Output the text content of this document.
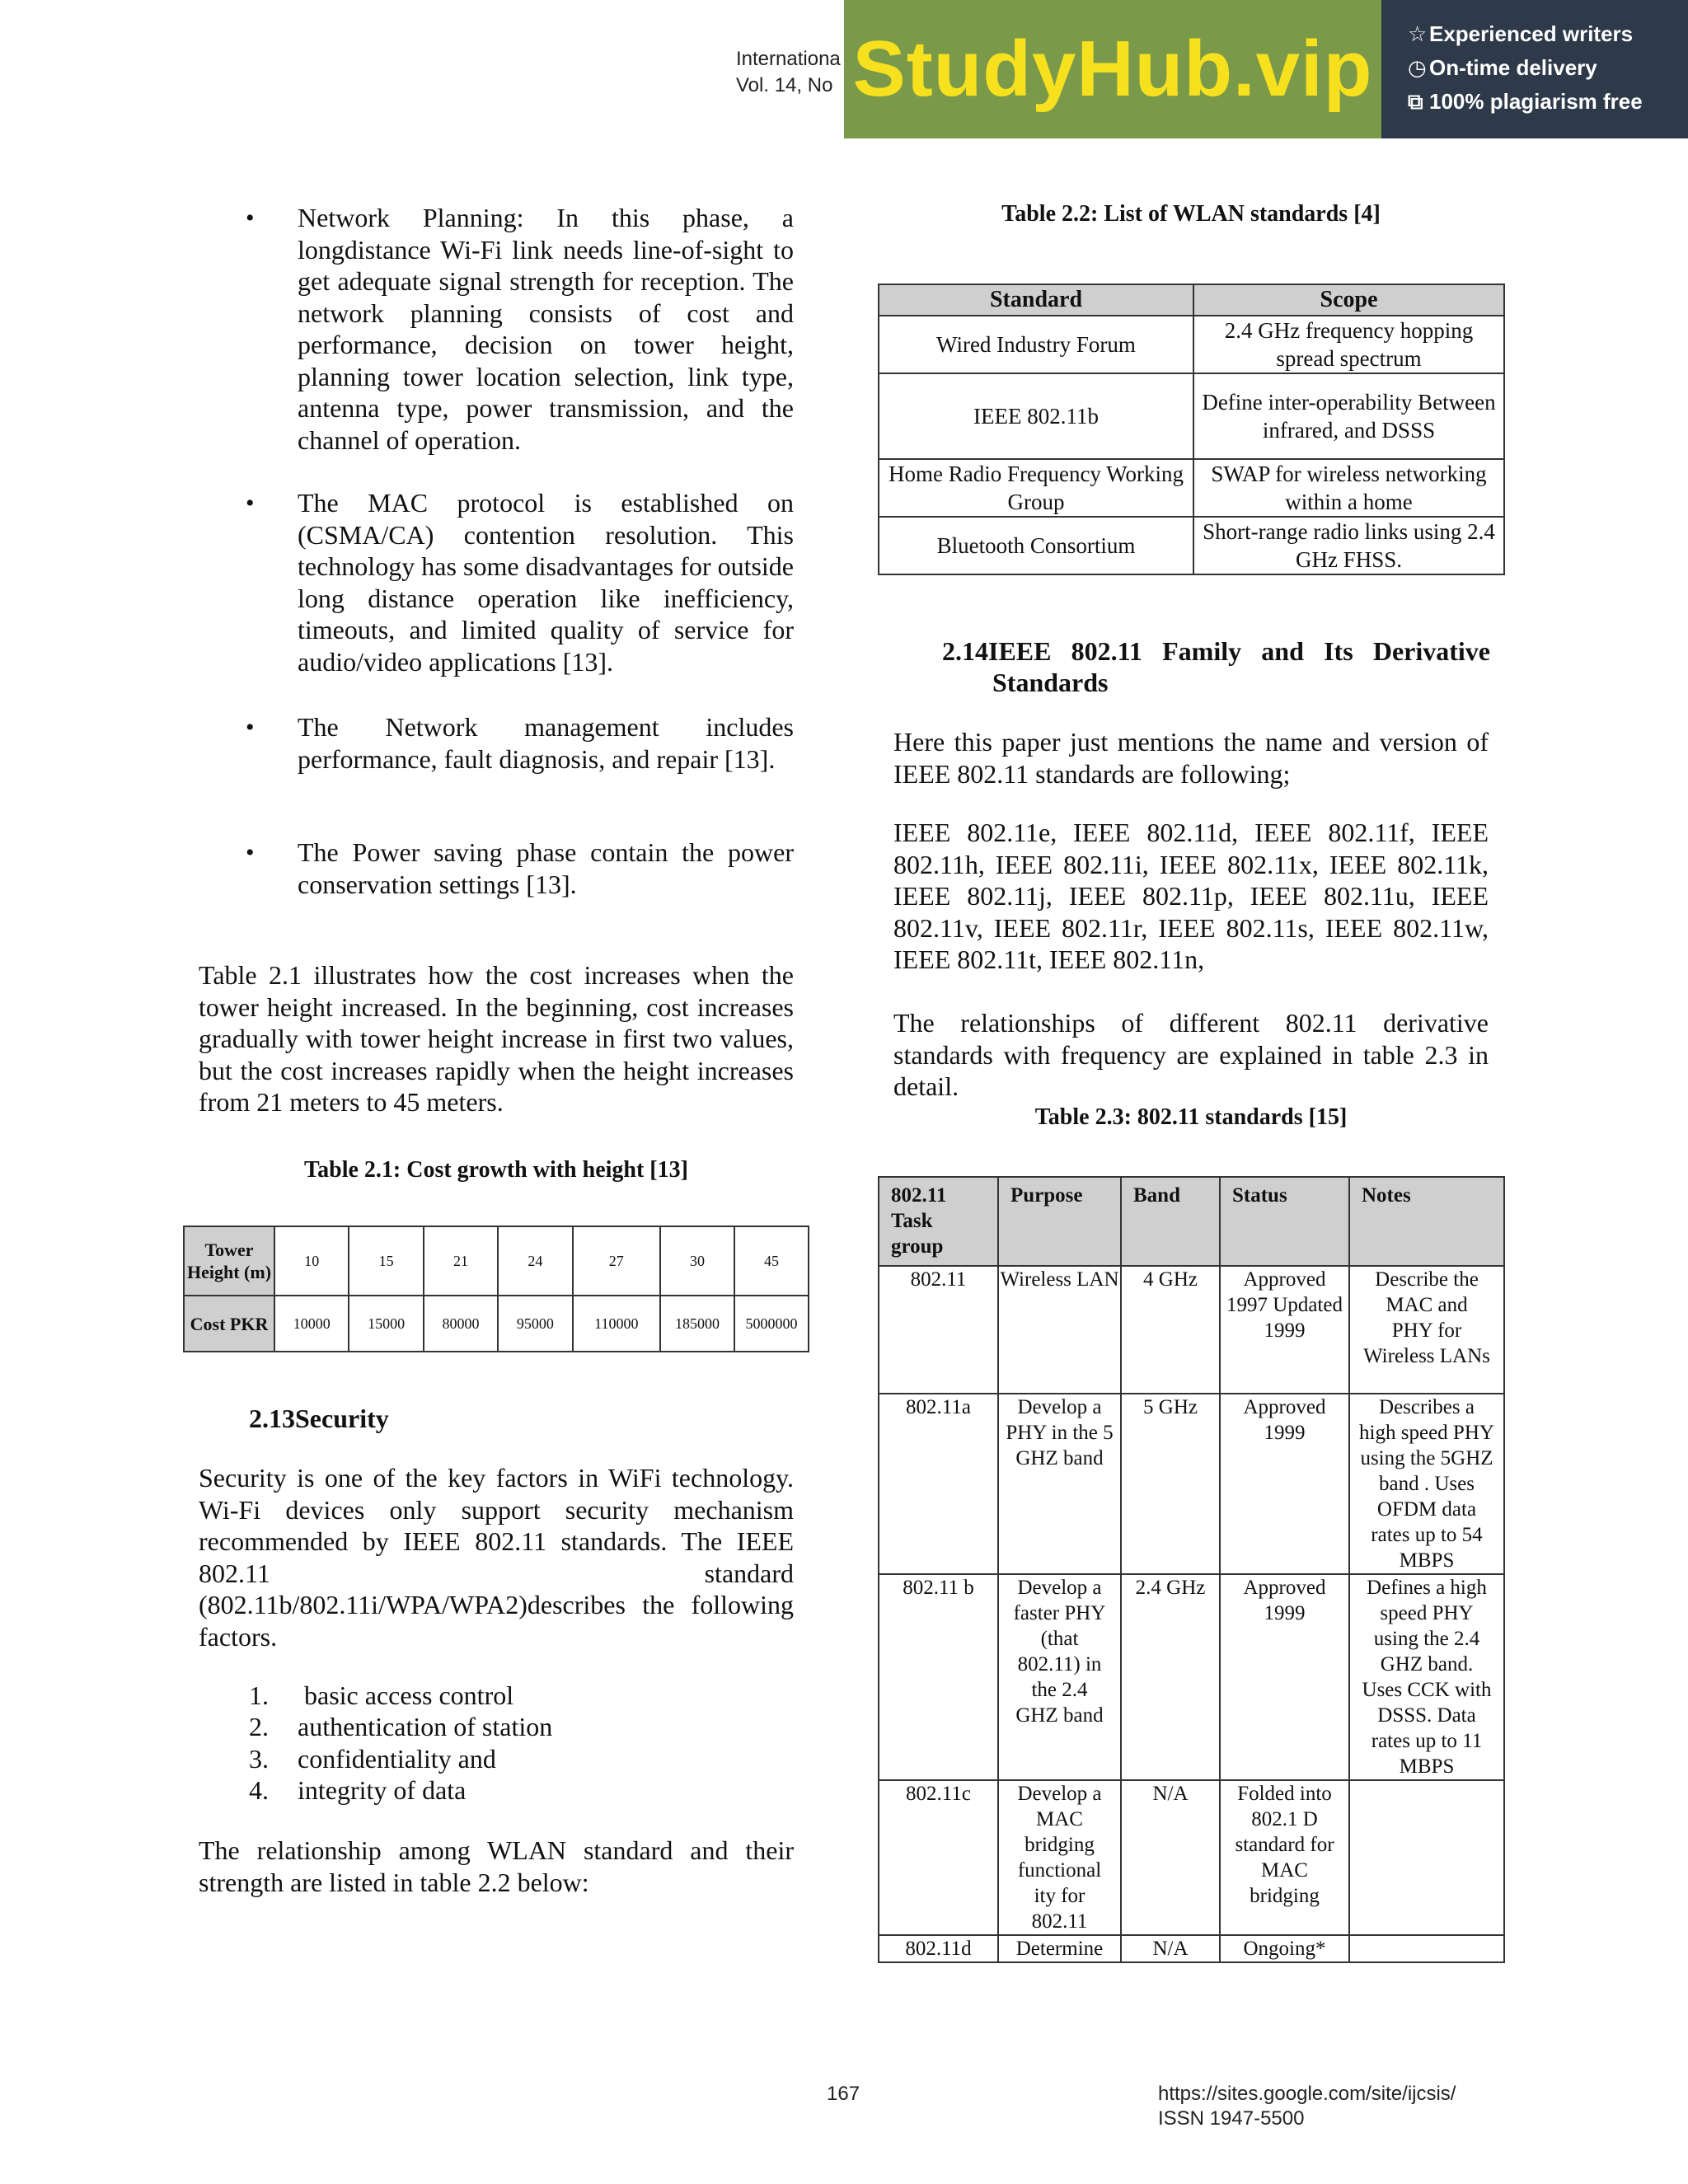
Internationa
Vol. 14, No StudyHub.vip ☆ Experienced writers
◷ On-time delivery
⧉ 100% plagiarism free
• Network Planning: In this phase, a longdistance Wi-Fi link needs line-of-sight to get adequate signal strength for reception. The network planning consists of cost and performance, decision on tower height, planning tower location selection, link type, antenna type, power transmission, and the channel of operation.
• The MAC protocol is established on (CSMA/CA) contention resolution. This technology has some disadvantages for outside long distance operation like inefficiency, timeouts, and limited quality of service for audio/video applications [13].
• The Network management includes performance, fault diagnosis, and repair [13].
• The Power saving phase contain the power conservation settings [13].
Table 2.1 illustrates how the cost increases when the tower height increased. In the beginning, cost increases gradually with tower height increase in first two values, but the cost increases rapidly when the height increases from 21 meters to 45 meters.
Table 2.1: Cost growth with height [13]
Tower Height (m)	10	15	21	24	27	30	45
Cost PKR	10000	15000	80000	95000	110000	185000	5000000
2.13Security
Security is one of the key factors in WiFi technology. Wi-Fi devices only support security mechanism recommended by IEEE 802.11 standards. The IEEE 802.11 standard (802.11b/802.11i/WPA/WPA2)describes the following factors.
1. basic access control
2. authentication of station
3. confidentiality and
4. integrity of data
The relationship among WLAN standard and their strength are listed in table 2.2 below:
Table 2.2: List of WLAN standards [4]
Standard	Scope
Wired Industry Forum	2.4 GHz frequency hopping spread spectrum
IEEE 802.11b	Define inter-operability Between infrared, and DSSS
Home Radio Frequency Working Group	SWAP for wireless networking within a home
Bluetooth Consortium	Short-range radio links using 2.4 GHz FHSS.
2.14IEEE 802.11 Family and Its Derivative
Standards
Here this paper just mentions the name and version of IEEE 802.11 standards are following;
IEEE 802.11e, IEEE 802.11d, IEEE 802.11f, IEEE 802.11h, IEEE 802.11i, IEEE 802.11x, IEEE 802.11k, IEEE 802.11j, IEEE 802.11p, IEEE 802.11u, IEEE 802.11v, IEEE 802.11r, IEEE 802.11s, IEEE 802.11w, IEEE 802.11t, IEEE 802.11n,
The relationships of different 802.11 derivative standards with frequency are explained in table 2.3 in detail.
Table 2.3: 802.11 standards [15]
802.11 Task group	Purpose	Band	Status	Notes
802.11	Wireless LAN	4 GHz	Approved 1997 Updated 1999	Describe the MAC and PHY for Wireless LANs
802.11a	Develop a PHY in the 5 GHZ band	5 GHz	Approved 1999	Describes a high speed PHY using the 5GHZ band . Uses OFDM data rates up to 54 MBPS
802.11 b	Develop a faster PHY (that 802.11) in the 2.4 GHZ band	2.4 GHz	Approved 1999	Defines a high speed PHY using the 2.4 GHZ band. Uses CCK with DSSS. Data rates up to 11 MBPS
802.11c	Develop a MAC bridging functional ity for 802.11	N/A	Folded into 802.1 D standard for MAC bridging	
802.11d	Determine	N/A	Ongoing*	
167	https://sites.google.com/site/ijcsis/
ISSN 1947-5500
